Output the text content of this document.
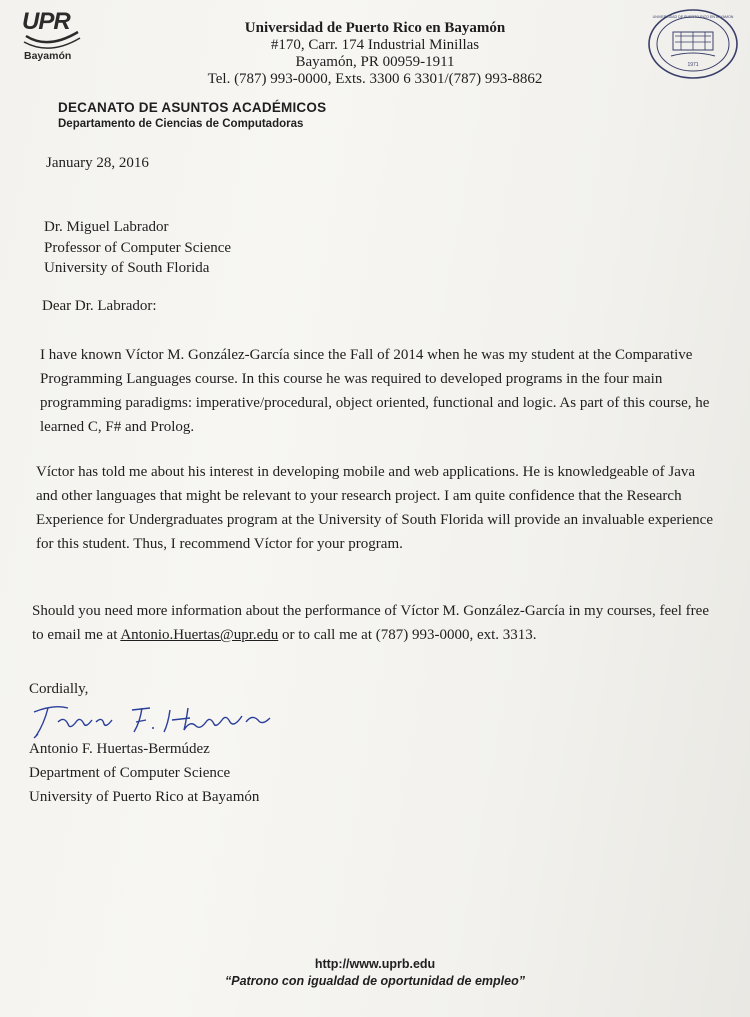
UPR
Bayamón
Universidad de Puerto Rico en Bayamón
#170, Carr. 174 Industrial Minillas
Bayamón, PR 00959-1911
Tel. (787) 993-0000, Exts. 3300 6 3301/(787) 993-8862
1971
UNIVERSIDAD DE PUERTO RICO EN BAYAMON
DECANATO DE ASUNTOS ACADÉMICOS
Departamento de Ciencias de Computadoras
January 28, 2016
Dr. Miguel Labrador
Professor of Computer Science
University of South Florida
Dear Dr. Labrador:
I have known Víctor M. González-García since the Fall of 2014 when he was my student at the Comparative
Programming Languages course. In this course he was required to developed programs in the four main
programming paradigms: imperative/procedural, object oriented, functional and logic. As part of this course, he
learned C, F# and Prolog.
Víctor has told me about his interest in developing mobile and web applications. He is knowledgeable of Java
and other languages that might be relevant to your research project. I am quite confidence that the Research
Experience for Undergraduates program at the University of South Florida will provide an invaluable experience
for this student. Thus, I recommend Víctor for your program.
Should you need more information about the performance of Víctor M. González-García in my courses, feel free
to email me at Antonio.Huertas@upr.edu or to call me at (787) 993-0000, ext. 3313.
Cordially,
Antonio F. Huertas-Bermúdez
Department of Computer Science
University of Puerto Rico at Bayamón
http://www.uprb.edu
“Patrono con igualdad de oportunidad de empleo”
